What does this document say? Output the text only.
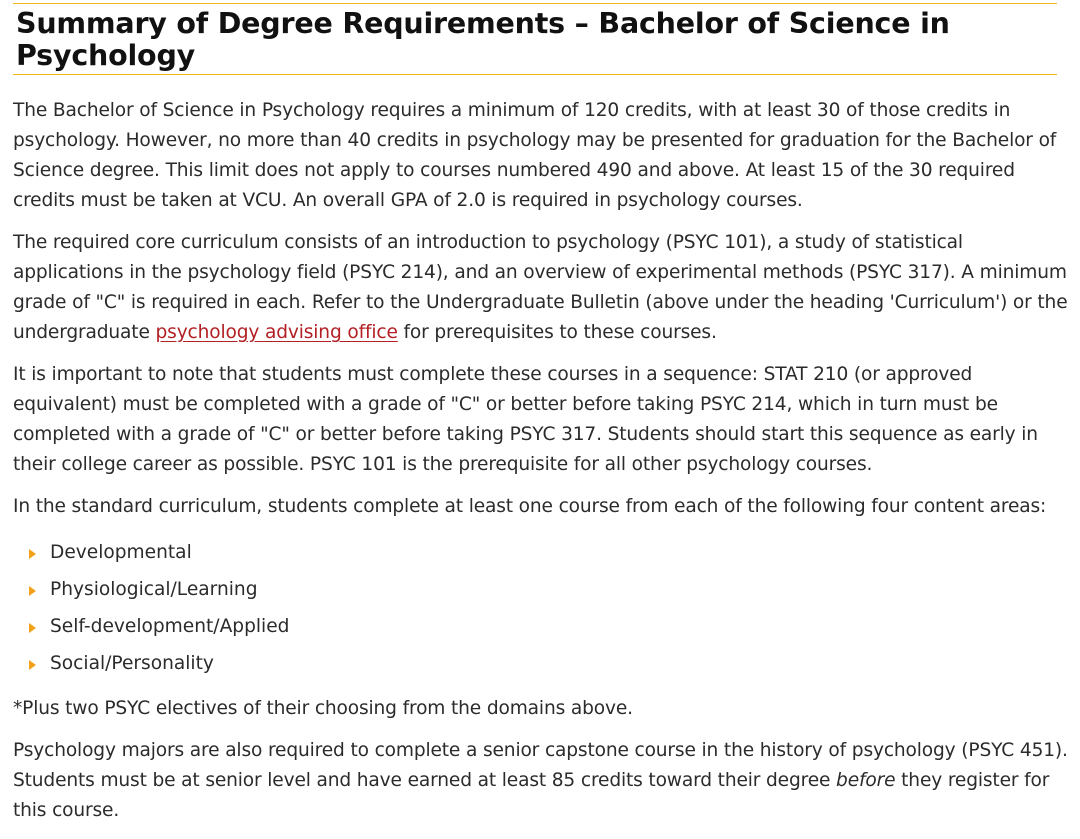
Summary of Degree Requirements – Bachelor of Science in
Psychology

The Bachelor of Science in Psychology requires a minimum of 120 credits, with at least 30 of those credits in psychology. However, no more than 40 credits in psychology may be presented for graduation for the Bachelor of Science degree. This limit does not apply to courses numbered 490 and above. At least 15 of the 30 required credits must be taken at VCU. An overall GPA of 2.0 is required in psychology courses.

The required core curriculum consists of an introduction to psychology (PSYC 101), a study of statistical applications in the psychology field (PSYC 214), and an overview of experimental methods (PSYC 317). A minimum grade of "C" is required in each. Refer to the Undergraduate Bulletin (above under the heading 'Curriculum') or the undergraduate psychology advising office for prerequisites to these courses.

It is important to note that students must complete these courses in a sequence: STAT 210 (or approved equivalent) must be completed with a grade of "C" or better before taking PSYC 214, which in turn must be completed with a grade of "C" or better before taking PSYC 317. Students should start this sequence as early in their college career as possible. PSYC 101 is the prerequisite for all other psychology courses.

In the standard curriculum, students complete at least one course from each of the following four content areas:

Developmental
Physiological/Learning
Self-development/Applied
Social/Personality

*Plus two PSYC electives of their choosing from the domains above.

Psychology majors are also required to complete a senior capstone course in the history of psychology (PSYC 451). Students must be at senior level and have earned at least 85 credits toward their degree before they register for this course.
